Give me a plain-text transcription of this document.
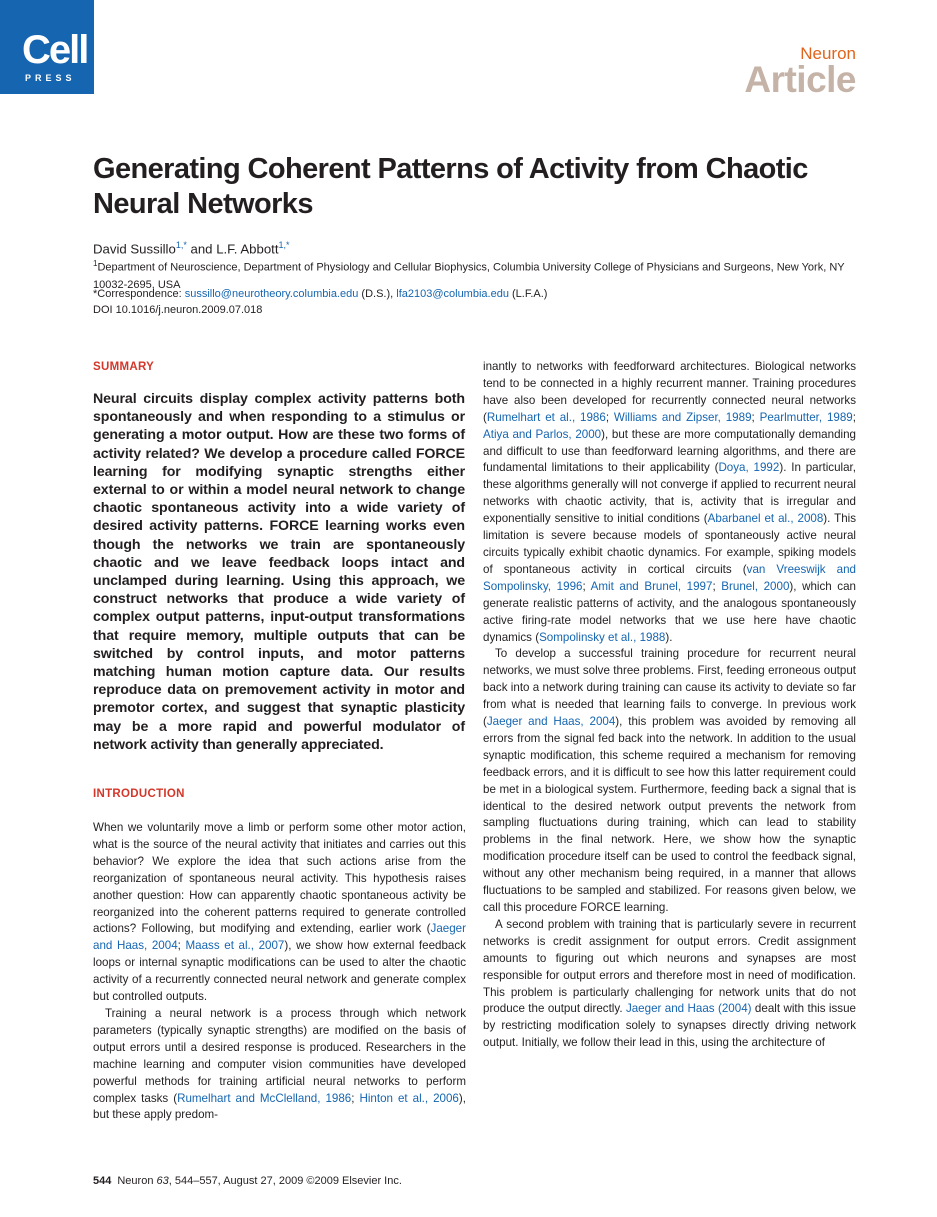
Cell
PRESS
Neuron
Article
Generating Coherent Patterns of Activity from Chaotic Neural Networks
David Sussillo$^{1,*}$ and L.F. Abbott$^{1,*}$
$^1$Department of Neuroscience, Department of Physiology and Cellular Biophysics, Columbia University College of Physicians and Surgeons, New York, NY 10032-2695, USA
*Correspondence: sussillo@neurotheory.columbia.edu (D.S.), lfa2103@columbia.edu (L.F.A.)
DOI 10.1016/j.neuron.2009.07.018
SUMMARY

Neural circuits display complex activity patterns both spontaneously and when responding to a stimulus or generating a motor output. How are these two forms of activity related? We develop a procedure called FORCE learning for modifying synaptic strengths either external to or within a model neural network to change chaotic spontaneous activity into a wide variety of desired activity patterns. FORCE learning works even though the networks we train are spontaneously chaotic and we leave feedback loops intact and unclamped during learning. Using this approach, we construct networks that produce a wide variety of complex output patterns, input-output transformations that require memory, multiple outputs that can be switched by control inputs, and motor patterns matching human motion capture data. Our results reproduce data on premovement activity in motor and premotor cortex, and suggest that synaptic plasticity may be a more rapid and powerful modulator of network activity than generally appreciated.

INTRODUCTION

When we voluntarily move a limb or perform some other motor action, what is the source of the neural activity that initiates and carries out this behavior? We explore the idea that such actions arise from the reorganization of spontaneous neural activity. This hypothesis raises another question: How can apparently chaotic spontaneous activity be reorganized into the coherent patterns required to generate controlled actions? Following, but modifying and extending, earlier work (Jaeger and Haas, 2004; Maass et al., 2007), we show how external feedback loops or internal synaptic modifications can be used to alter the chaotic activity of a recurrently connected neural network and generate complex but controlled outputs.

Training a neural network is a process through which network parameters (typically synaptic strengths) are modified on the basis of output errors until a desired response is produced. Researchers in the machine learning and computer vision communities have developed powerful methods for training artificial neural networks to perform complex tasks (Rumelhart and McClelland, 1986; Hinton et al., 2006), but these apply predom-

inantly to networks with feedforward architectures. Biological networks tend to be connected in a highly recurrent manner. Training procedures have also been developed for recurrently connected neural networks (Rumelhart et al., 1986; Williams and Zipser, 1989; Pearlmutter, 1989; Atiya and Parlos, 2000), but these are more computationally demanding and difficult to use than feedforward learning algorithms, and there are fundamental limitations to their applicability (Doya, 1992). In particular, these algorithms generally will not converge if applied to recurrent neural networks with chaotic activity, that is, activity that is irregular and exponentially sensitive to initial conditions (Abarbanel et al., 2008). This limitation is severe because models of spontaneously active neural circuits typically exhibit chaotic dynamics. For example, spiking models of spontaneous activity in cortical circuits (van Vreeswijk and Sompolinsky, 1996; Amit and Brunel, 1997; Brunel, 2000), which can generate realistic patterns of activity, and the analogous spontaneously active firing-rate model networks that we use here have chaotic dynamics (Sompolinsky et al., 1988).

To develop a successful training procedure for recurrent neural networks, we must solve three problems. First, feeding erroneous output back into a network during training can cause its activity to deviate so far from what is needed that learning fails to converge. In previous work (Jaeger and Haas, 2004), this problem was avoided by removing all errors from the signal fed back into the network. In addition to the usual synaptic modification, this scheme required a mechanism for removing feedback errors, and it is difficult to see how this latter requirement could be met in a biological system. Furthermore, feeding back a signal that is identical to the desired network output prevents the network from sampling fluctuations during training, which can lead to stability problems in the final network. Here, we show how the synaptic modification procedure itself can be used to control the feedback signal, without any other mechanism being required, in a manner that allows fluctuations to be sampled and stabilized. For reasons given below, we call this procedure FORCE learning.

A second problem with training that is particularly severe in recurrent networks is credit assignment for output errors. Credit assignment amounts to figuring out which neurons and synapses are most responsible for output errors and therefore most in need of modification. This problem is particularly challenging for network units that do not produce the output directly. Jaeger and Haas (2004) dealt with this issue by restricting modification solely to synapses directly driving network output. Initially, we follow their lead in this, using the architecture of

544 Neuron 63, 544–557, August 27, 2009 ©2009 Elsevier Inc.
